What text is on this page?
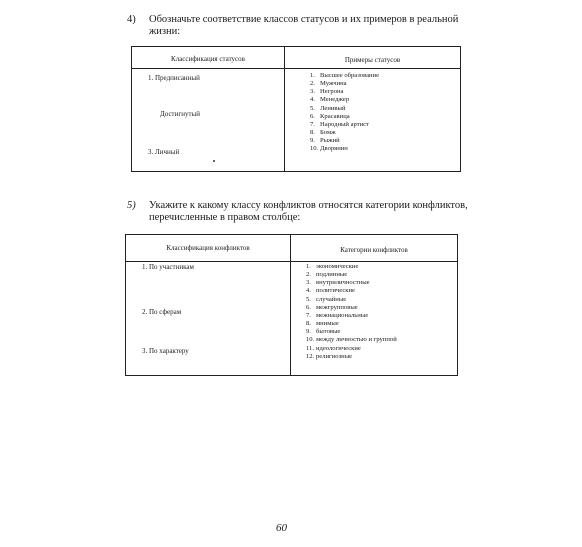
4) Обозначьте соответствие классов статусов и их примеров в реальной жизни:
Классификация статусов	Примеры статусов
1. Предписанный
Достигнутый
3. Личный
1. Высшее образование
2. Мужчина
3. Негрoна
4. Менеджер
5. Ленивый
6. Красавица
7. Народный артист
8. Бомж
9. Рыжий
10. Дворянин
5) Укажите к какому классу конфликтов относятся категории конфликтов, перечисленные в правом столбце:
Классификация конфликтов	Категории конфликтов
1. По участникам
2. По сферам
3. По характеру
1. экономические
2. подлинные
3. внутриличностные
4. политические
5. случайные
6. межгрупповые
7. межнациональные
8. мнимые
9. бытовые
10. между личностью и группой
11. идеологические
12. религиозные
60
